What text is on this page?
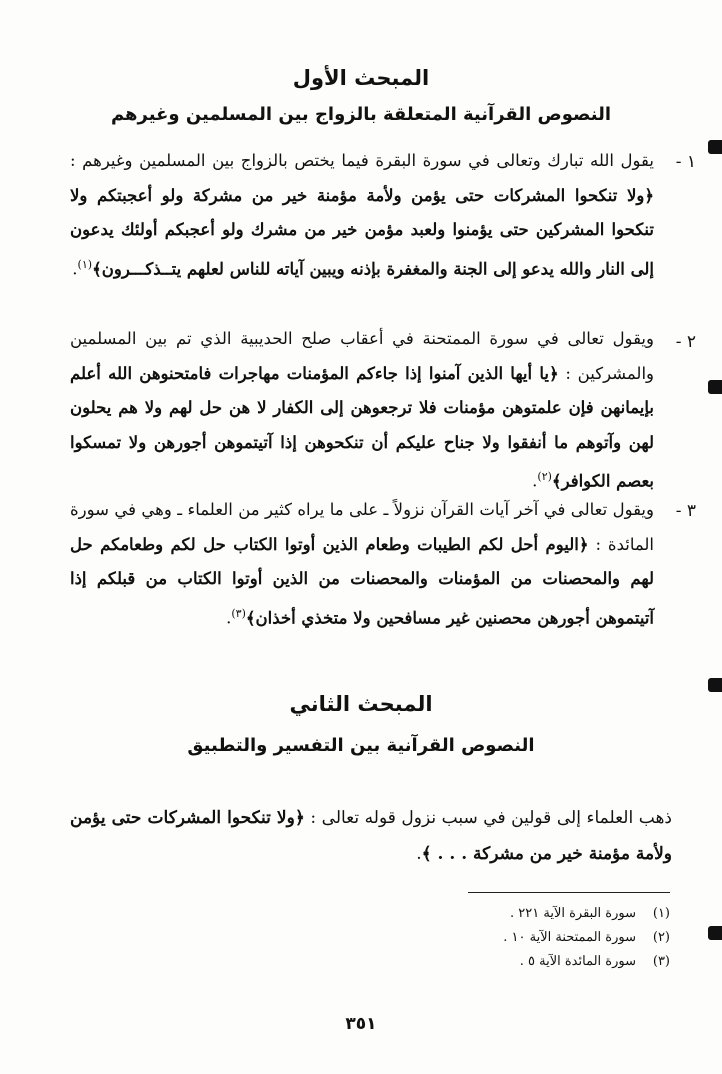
المبحث الأول
النصوص القرآنية المتعلقة بالزواج بين المسلمين وغيرهم
١ -
يقول الله تبارك وتعالى في سورة البقرة فيما يختص بالزواج بين المسلمين وغيرهم : ﴿ولا تنكحوا المشركات حتى يؤمن ولأمة مؤمنة خير من مشركة ولو أعجبتكم ولا تنكحوا المشركين حتى يؤمنوا ولعبد مؤمن خير من مشرك ولو أعجبكم أولئك يدعون إلى النار والله يدعو إلى الجنة والمغفرة بإذنه ويبين آياته للناس لعلهم يتــذكـــرون﴾$^{(١)}$.
٢ -
ويقول تعالى في سورة الممتحنة في أعقاب صلح الحديبية الذي تم بين المسلمين والمشركين : ﴿يا أيها الذين آمنوا إذا جاءكم المؤمنات مهاجرات فامتحنوهن الله أعلم بإيمانهن فإن علمتوهن مؤمنات فلا ترجعوهن إلى الكفار لا هن حل لهم ولا هم يحلون لهن وآتوهم ما أنفقوا ولا جناح عليكم أن تنكحوهن إذا آتيتموهن أجورهن ولا تمسكوا بعصم الكوافر﴾$^{(٢)}$.
٣ -
ويقول تعالى في آخر آيات القرآن نزولاً ـ على ما يراه كثير من العلماء ـ وهي في سورة المائدة : ﴿اليوم أحل لكم الطيبات وطعام الذين أوتوا الكتاب حل لكم وطعامكم حل لهم والمحصنات من المؤمنات والمحصنات من الذين أوتوا الكتاب من قبلكم إذا آتيتموهن أجورهن محصنين غير مسافحين ولا متخذي أخذان﴾$^{(٣)}$.
المبحث الثاني
النصوص القرآنية بين التفسير والتطبيق
ذهب العلماء إلى قولين في سبب نزول قوله تعالى : ﴿ولا تنكحوا المشركات حتى يؤمن ولأمة مؤمنة خير من مشركة . . . ﴾.
(١)سورة البقرة الآية ٢٢١ .
(٢)سورة الممتحنة الآية ١٠ .
(٣)سورة المائدة الآية ٥ .
٣٥١
